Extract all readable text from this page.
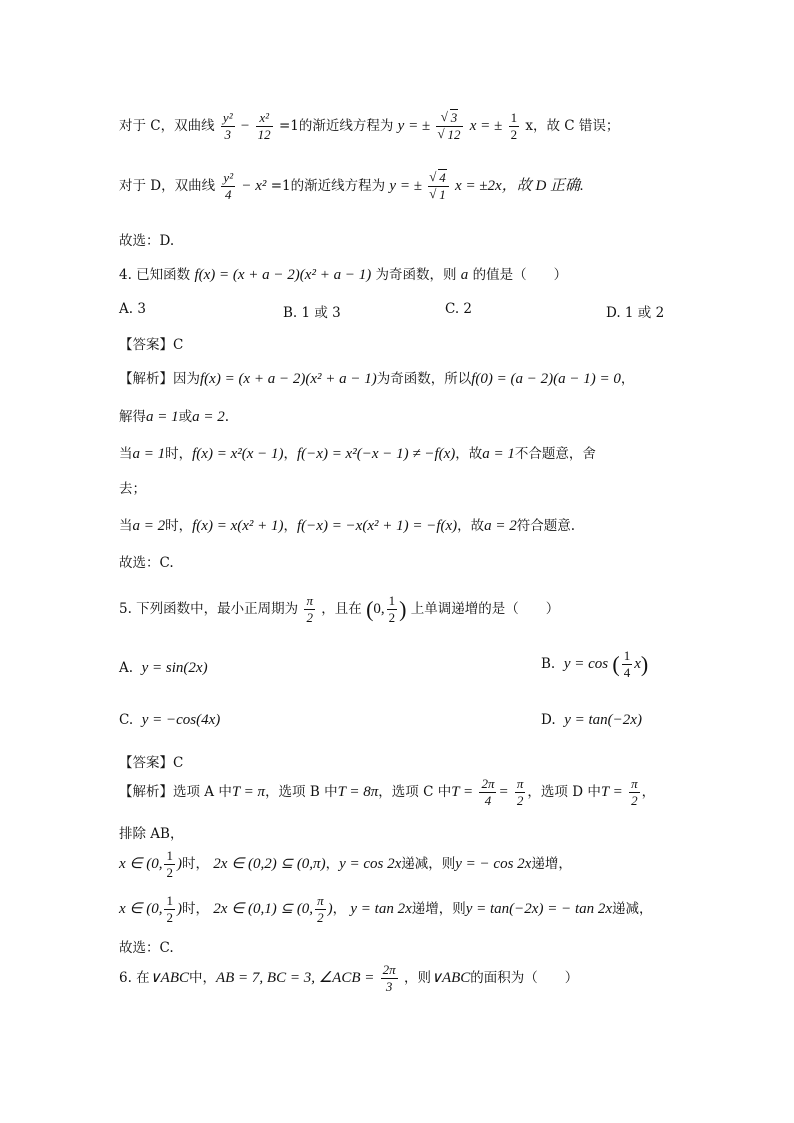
对于 C，双曲线 $\frac{\text{y²}}{3} - \frac{\text{x²}}{12} =1$的渐近线方程为 y = ± √ 3
√ 12 x = ± $\frac{1}{2}$ x，故 C 错误；
对于 D，双曲线 $\frac{\text{y²}}{4} - x^2 =1$的渐近线方程为 y = ± √ 4
√ 1 x = ±2x，故 D 正确.
故选：D.
4. 已知函数 f(x) = (x + a − 2)(x² + a − 1) 为奇函数，则 a 的值是（　　）
A. 3	B. 1 或 3	C. 2	D. 1 或 2
【答案】C
【解析】因为f(x) = (x + a − 2)(x² + a − 1)为奇函数，所以f(0) = (a − 2)(a − 1) = 0，
解得a = 1或a = 2.
当a = 1时，f(x) = x²(x − 1)，f(−x) = x²(−x − 1) ≠ −f(x)，故a = 1不合题意，舍
去；
当a = 2时，f(x) = x(x² + 1)，f(−x) = −x(x² + 1) = −f(x)，故a = 2符合题意.
故选：C.
5. 下列函数中，最小正周期为 $\frac{\pi}{2}$ ，且在 (0, $\frac{1}{2}$ ) 上单调递增的是（　　）
A. y = sin(2x)	B. y = cos ( $\frac{1}{4} x$)
C. y = −cos(4x)	D. y = tan(−2x)
【答案】C
【解析】选项 A 中T = π，选项 B 中T = 8π，选项 C 中$T = \frac{2\pi}{4} = \frac{\pi}{2}$ ，选项 D 中$T = \frac{\pi}{2}$ ，
排除 AB，
x ∈ (0, $\frac{1}{2}$ )时， 2x ∈ (0,2) ⊆ (0,π)，y = cos 2x递减，则y = − cos 2x递增，
x ∈ (0, $\frac{1}{2}$ )时， 2x ∈ (0,1) ⊆ (0, $\frac{\pi}{2}$ )， y = tan 2x递增，则y = tan(−2x) = − tan 2x递减，
故选：C.
6. 在∨ABC中，AB = 7, BC = 3, ∠ACB = $\frac{2\pi}{3}$ ，则∨ABC的面积为（　　）
